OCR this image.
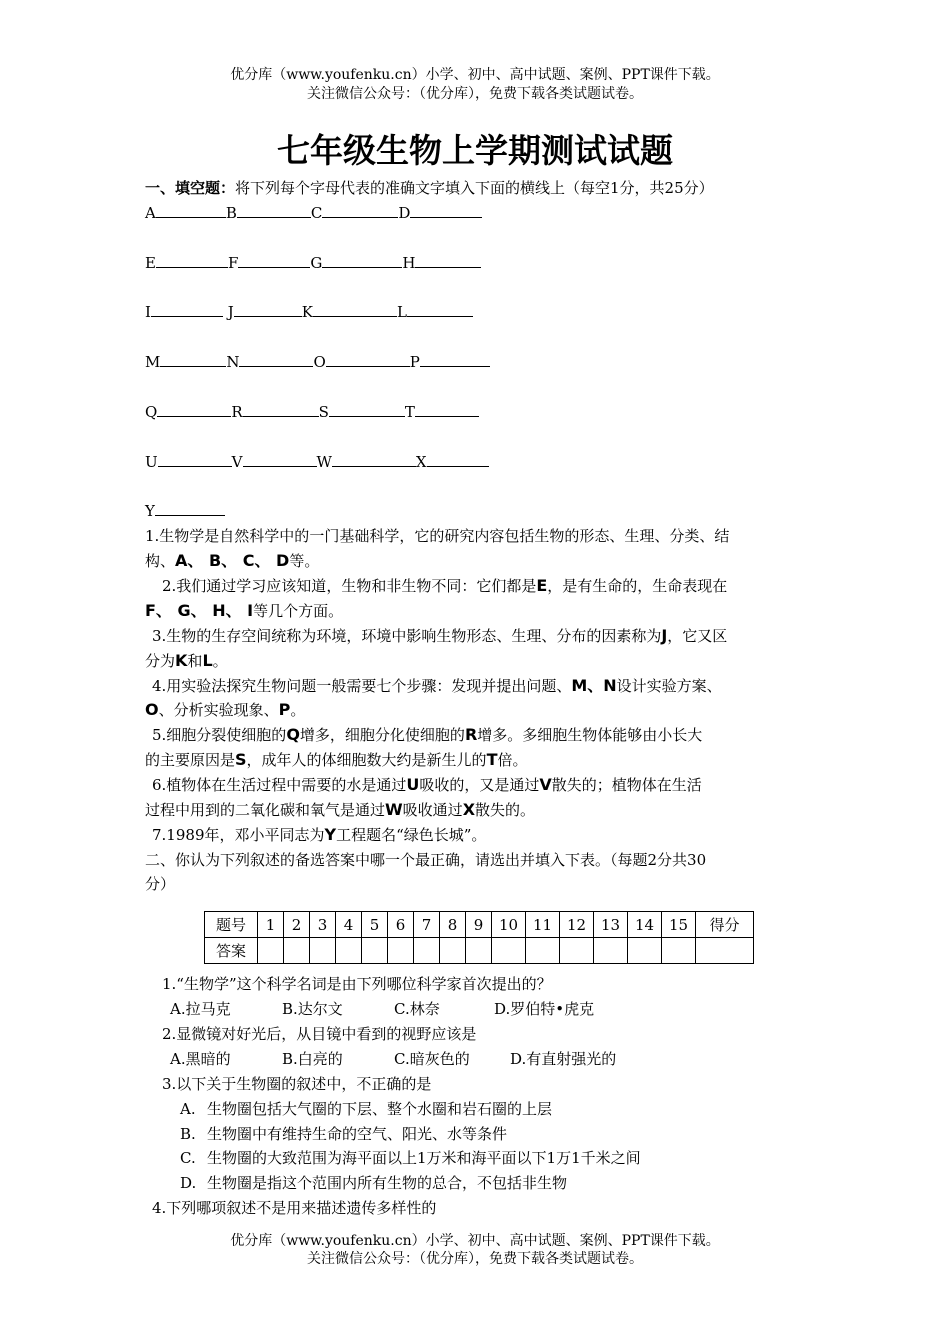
优分库（www.youfenku.cn）小学、初中、高中试题、案例、PPT课件下载。
关注微信公众号：（优分库），免费下载各类试题试卷。
七年级生物上学期测试试题
一、填空题：将下列每个字母代表的准确文字填入下面的横线上（每空1分，共25分）
A	B	C	D
E	F	G	H
I	J	K	L
M	N	O	P
Q	R	S	T
U	V	W	X
Y
1.生物学是自然科学中的一门基础科学，它的研究内容包括生物的形态、生理、分类、结
构、A、 B、 C、 D等。
2.我们通过学习应该知道，生物和非生物不同：它们都是E，是有生命的，生命表现在
F、 G、 H、 I等几个方面。
3.生物的生存空间统称为环境，环境中影响生物形态、生理、分布的因素称为J，它又区
分为K和L。
4.用实验法探究生物问题一般需要七个步骤：发现并提出问题、M、N设计实验方案、
O、分析实验现象、P。
5.细胞分裂使细胞的Q增多，细胞分化使细胞的R增多。多细胞生物体能够由小长大
的主要原因是S，成年人的体细胞数大约是新生儿的T倍。
6.植物体在生活过程中需要的水是通过U吸收的，又是通过V散失的；植物体在生活
过程中用到的二氧化碳和氧气是通过W吸收通过X散失的。
7.1989年，邓小平同志为Y工程题名“绿色长城”。
二、你认为下列叙述的备选答案中哪一个最正确，请选出并填入下表。（每题2分共30
分）
题号	1	2	3	4	5	6	7	8	9	10	11	12	13	14	15	得分
答案																
1.“生物学”这个科学名词是由下列哪位科学家首次提出的？
A.拉马克	B.达尔文	C.林奈	D.罗伯特•虎克
2.显微镜对好光后，从目镜中看到的视野应该是
A.黑暗的	B.白亮的	C.暗灰色的	D.有直射强光的
3.以下关于生物圈的叙述中，不正确的是
A. 生物圈包括大气圈的下层、整个水圈和岩石圈的上层
B. 生物圈中有维持生命的空气、阳光、水等条件
C. 生物圈的大致范围为海平面以上1万米和海平面以下1万1千米之间
D. 生物圈是指这个范围内所有生物的总合，不包括非生物
4.下列哪项叙述不是用来描述遗传多样性的
优分库（www.youfenku.cn）小学、初中、高中试题、案例、PPT课件下载。
关注微信公众号：（优分库），免费下载各类试题试卷。
